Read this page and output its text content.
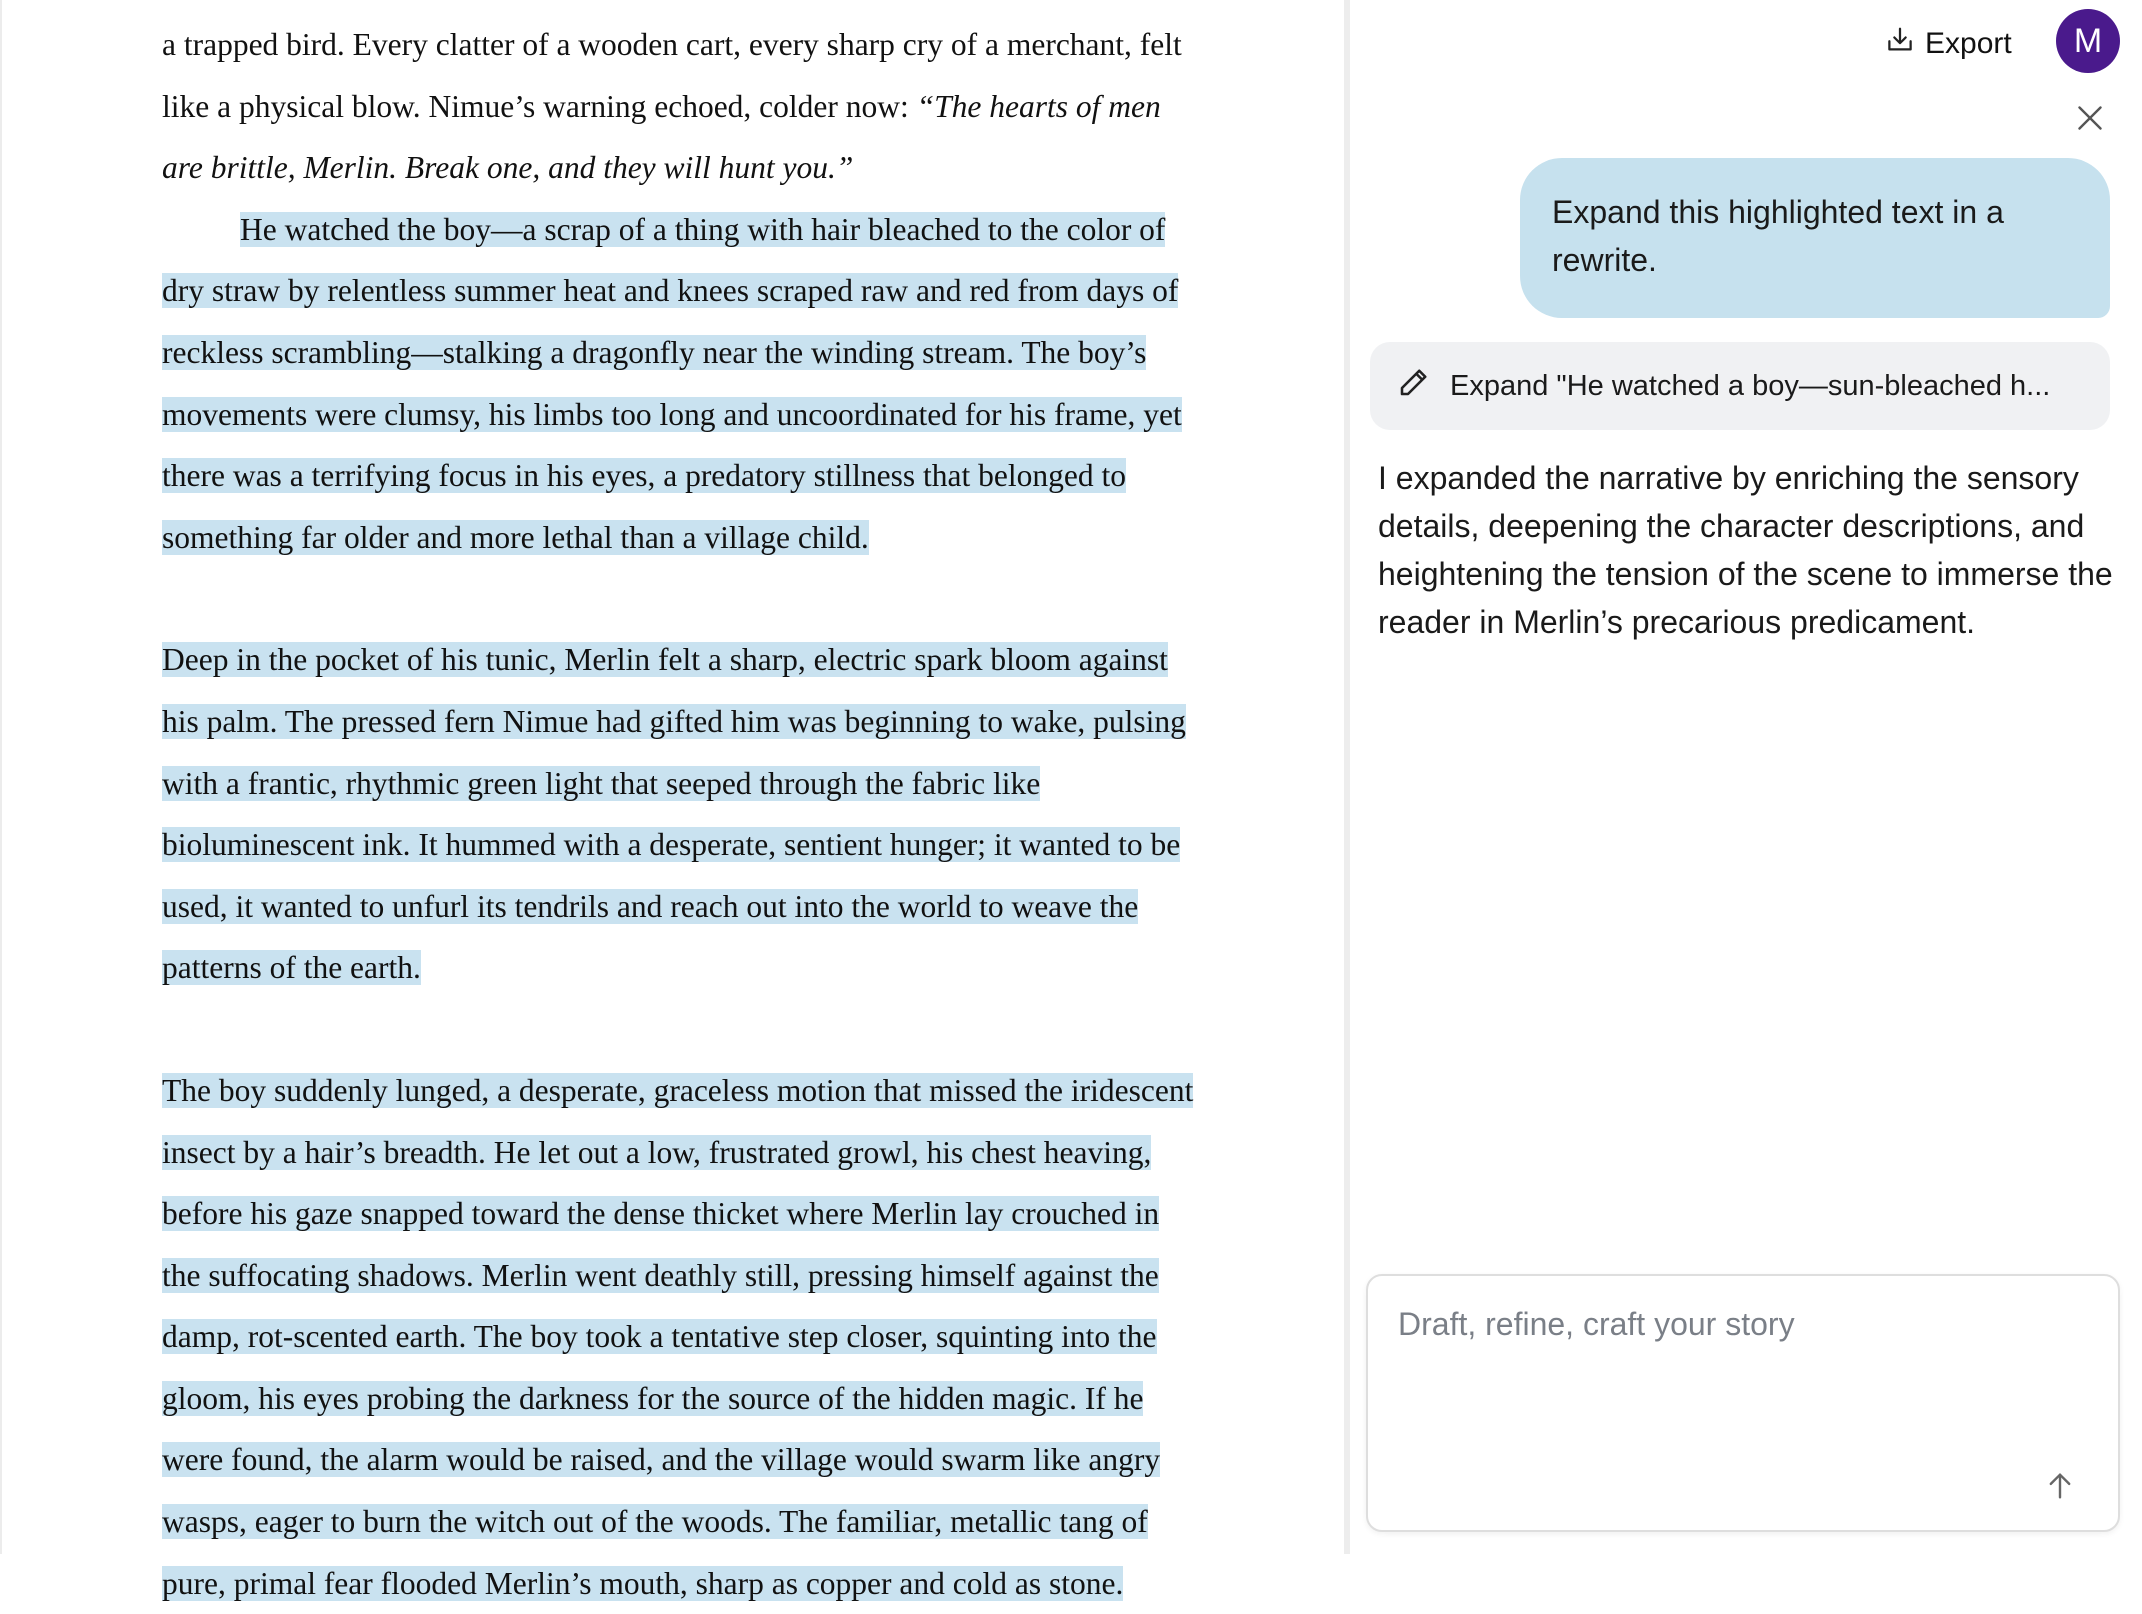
a trapped bird. Every clatter of a wooden cart, every sharp cry of a merchant, felt like a physical blow. Nimue’s warning echoed, colder now: “The hearts of men are brittle, Merlin. Break one, and they will hunt you.”

He watched the boy—a scrap of a thing with hair bleached to the color of dry straw by relentless summer heat and knees scraped raw and red from days of reckless scrambling—stalking a dragonfly near the winding stream. The boy’s movements were clumsy, his limbs too long and uncoordinated for his frame, yet there was a terrifying focus in his eyes, a predatory stillness that belonged to something far older and more lethal than a village child.

Deep in the pocket of his tunic, Merlin felt a sharp, electric spark bloom against his palm. The pressed fern Nimue had gifted him was beginning to wake, pulsing with a frantic, rhythmic green light that seeped through the fabric like bioluminescent ink. It hummed with a desperate, sentient hunger; it wanted to be used, it wanted to unfurl its tendrils and reach out into the world to weave the patterns of the earth.

The boy suddenly lunged, a desperate, graceless motion that missed the iridescent insect by a hair’s breadth. He let out a low, frustrated growl, his chest heaving, before his gaze snapped toward the dense thicket where Merlin lay crouched in the suffocating shadows. Merlin went deathly still, pressing himself against the damp, rot-scented earth. The boy took a tentative step closer, squinting into the gloom, his eyes probing the darkness for the source of the hidden magic. If he were found, the alarm would be raised, and the village would swarm like angry wasps, eager to burn the witch out of the woods. The familiar, metallic tang of pure, primal fear flooded Merlin’s mouth, sharp as copper and cold as stone.

Export M
Expand this highlighted text in a rewrite.
Expand "He watched a boy—sun-bleached h...
I expanded the narrative by enriching the sensory details, deepening the character descriptions, and heightening the tension of the scene to immerse the reader in Merlin’s precarious predicament.
Draft, refine, craft your story
